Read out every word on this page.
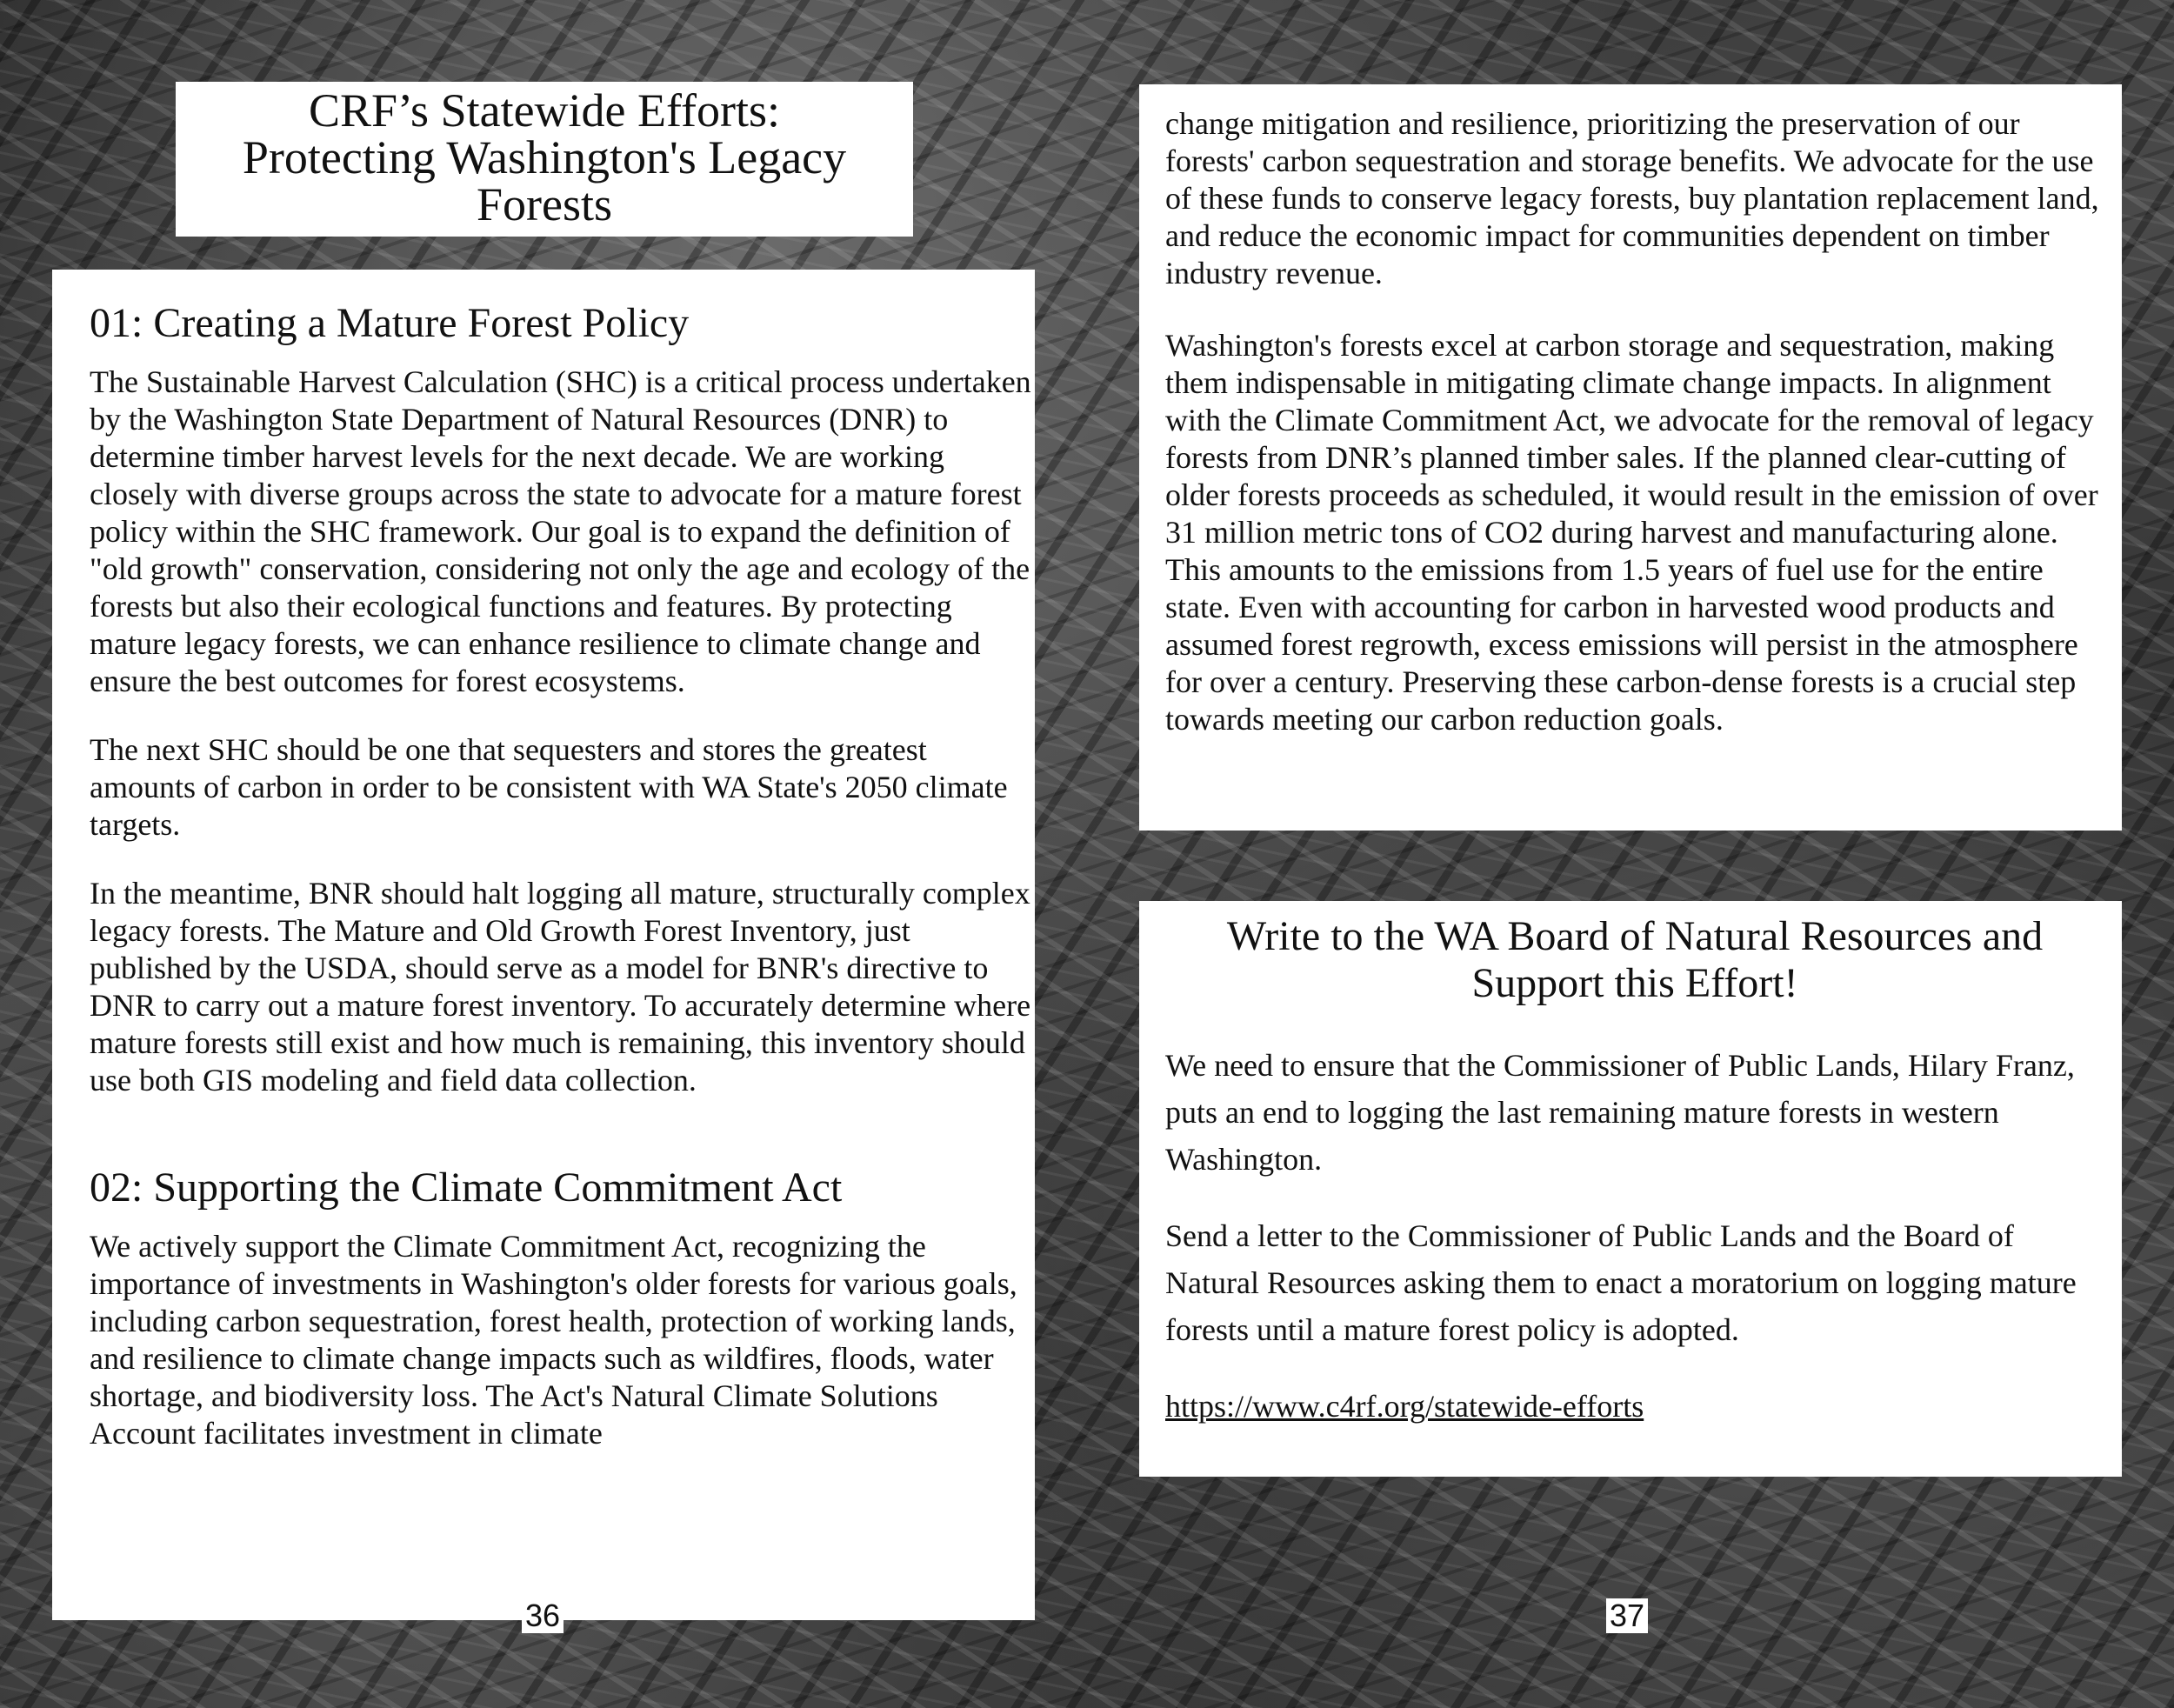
CRF’s Statewide Efforts:
Protecting Washington's Legacy
Forests
01: Creating a Mature Forest Policy

The Sustainable Harvest Calculation (SHC) is a critical process undertaken by the Washington State Department of Natural Resources (DNR) to determine timber harvest levels for the next decade. We are working closely with diverse groups across the state to advocate for a mature forest policy within the SHC framework. Our goal is to expand the definition of "old growth" conservation, considering not only the age and ecology of the forests but also their ecological functions and features. By protecting mature legacy forests, we can enhance resilience to climate change and ensure the best outcomes for forest ecosystems.

The next SHC should be one that sequesters and stores the greatest amounts of carbon in order to be consistent with WA State's 2050 climate targets.

In the meantime, BNR should halt logging all mature, structurally complex legacy forests. The Mature and Old Growth Forest Inventory, just published by the USDA, should serve as a model for BNR's directive to DNR to carry out a mature forest inventory. To accurately determine where mature forests still exist and how much is remaining, this inventory should use both GIS modeling and field data collection.

02: Supporting the Climate Commitment Act

We actively support the Climate Commitment Act, recognizing the importance of investments in Washington's older forests for various goals, including carbon sequestration, forest health, protection of working lands, and resilience to climate change impacts such as wildfires, floods, water shortage, and biodiversity loss. The Act's Natural Climate Solutions Account facilitates investment in climate

36

change mitigation and resilience, prioritizing the preservation of our forests' carbon sequestration and storage benefits. We advocate for the use of these funds to conserve legacy forests, buy plantation replacement land, and reduce the economic impact for communities dependent on timber industry revenue.

Washington's forests excel at carbon storage and sequestration, making them indispensable in mitigating climate change impacts. In alignment with the Climate Commitment Act, we advocate for the removal of legacy forests from DNR’s planned timber sales. If the planned clear-cutting of older forests proceeds as scheduled, it would result in the emission of over 31 million metric tons of CO2 during harvest and manufacturing alone. This amounts to the emissions from 1.5 years of fuel use for the entire state. Even with accounting for carbon in harvested wood products and assumed forest regrowth, excess emissions will persist in the atmosphere for over a century. Preserving these carbon-dense forests is a crucial step towards meeting our carbon reduction goals.

Write to the WA Board of Natural Resources and Support this Effort!

We need to ensure that the Commissioner of Public Lands, Hilary Franz, puts an end to logging the last remaining mature forests in western Washington.

Send a letter to the Commissioner of Public Lands and the Board of Natural Resources asking them to enact a moratorium on logging mature forests until a mature forest policy is adopted.

https://www.c4rf.org/statewide-efforts

37
